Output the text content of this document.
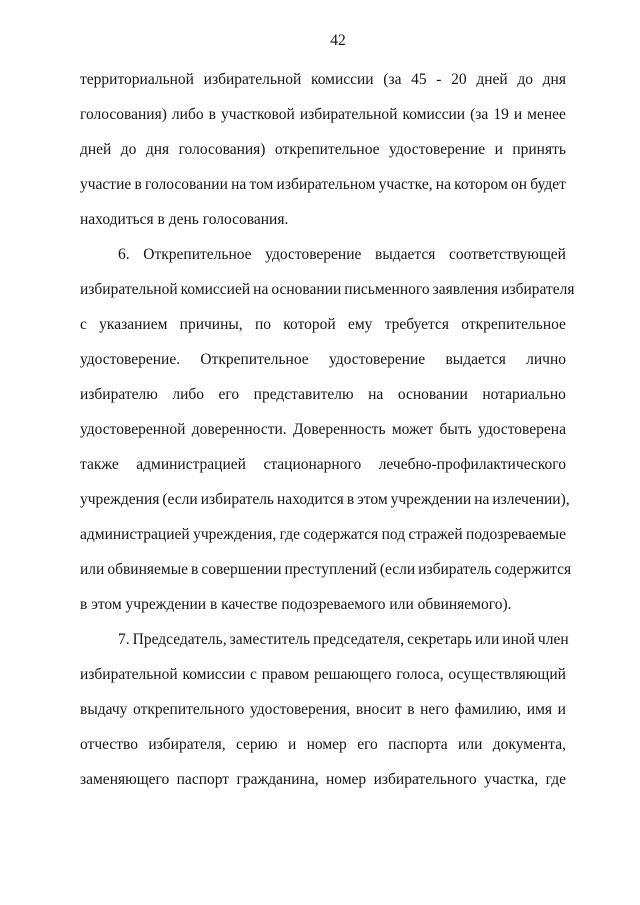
42
территориальной избирательной комиссии (за 45 - 20 дней до дня
голосования) либо в участковой избирательной комиссии (за 19 и менее
дней до дня голосования) открепительное удостоверение и принять
участие в голосовании на том избирательном участке, на котором он будет
находиться в день голосования.
6. Открепительное удостоверение выдается соответствующей
избирательной комиссией на основании письменного заявления избирателя
с указанием причины, по которой ему требуется открепительное
удостоверение. Открепительное удостоверение выдается лично
избирателю либо его представителю на основании нотариально
удостоверенной доверенности. Доверенность может быть удостоверена
также администрацией стационарного лечебно-профилактического
учреждения (если избиратель находится в этом учреждении на излечении),
администрацией учреждения, где содержатся под стражей подозреваемые
или обвиняемые в совершении преступлений (если избиратель содержится
в этом учреждении в качестве подозреваемого или обвиняемого).
7. Председатель, заместитель председателя, секретарь или иной член
избирательной комиссии с правом решающего голоса, осуществляющий
выдачу открепительного удостоверения, вносит в него фамилию, имя и
отчество избирателя, серию и номер его паспорта или документа,
заменяющего паспорт гражданина, номер избирательного участка, где
